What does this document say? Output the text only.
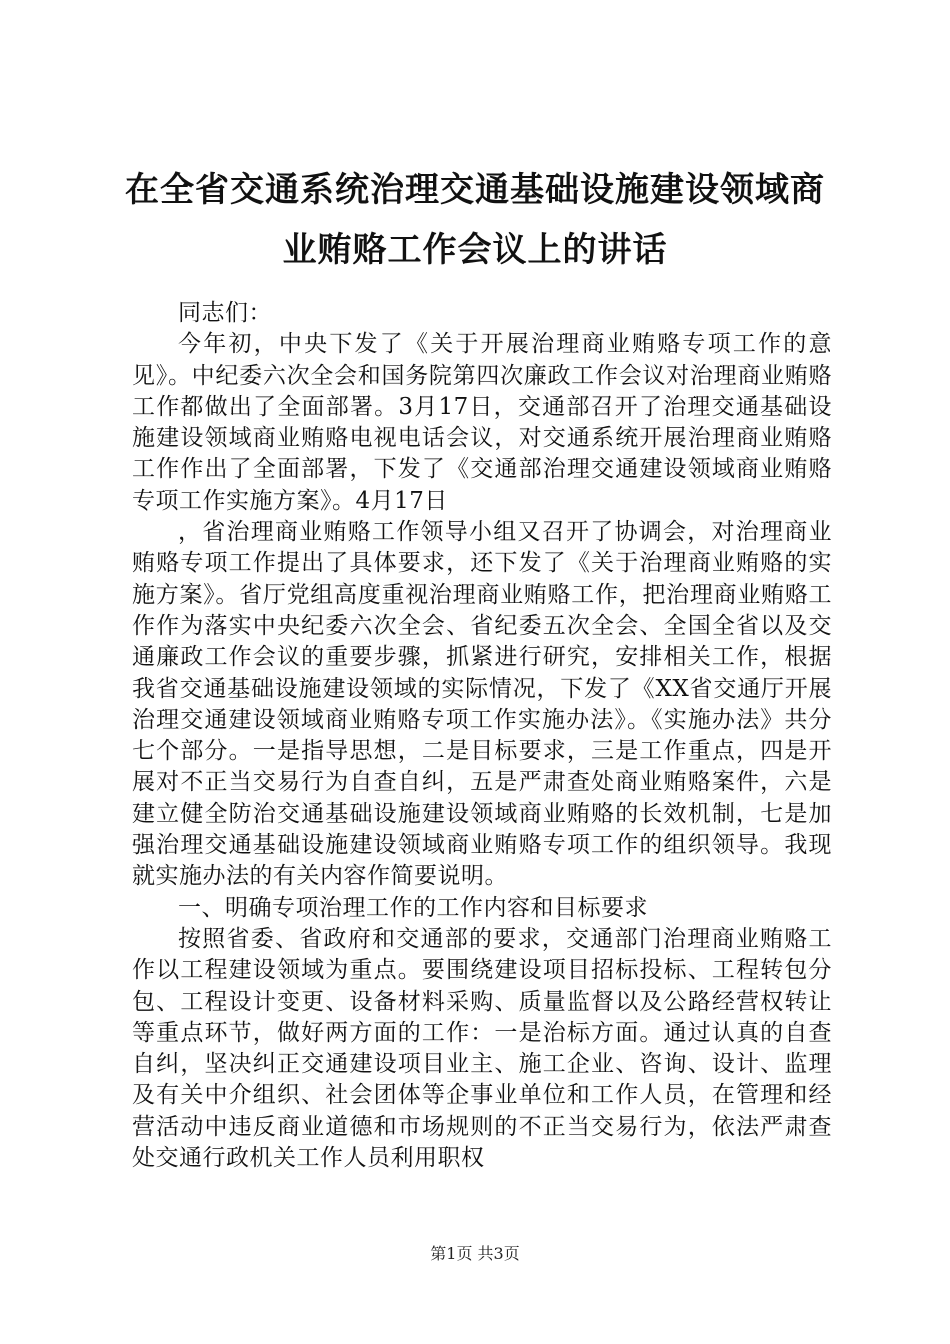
在全省交通系统治理交通基础设施建设领域商业贿赂工作会议上的讲话

同志们：

今年初，中央下发了《关于开展治理商业贿赂专项工作的意见》。中纪委六次全会和国务院第四次廉政工作会议对治理商业贿赂工作都做出了全面部署。3月17日，交通部召开了治理交通基础设施建设领域商业贿赂电视电话会议，对交通系统开展治理商业贿赂工作作出了全面部署，下发了《交通部治理交通建设领域商业贿赂专项工作实施方案》。4月17日

，省治理商业贿赂工作领导小组又召开了协调会，对治理商业贿赂专项工作提出了具体要求，还下发了《关于治理商业贿赂的实施方案》。省厅党组高度重视治理商业贿赂工作，把治理商业贿赂工作作为落实中央纪委六次全会、省纪委五次全会、全国全省以及交通廉政工作会议的重要步骤，抓紧进行研究，安排相关工作，根据我省交通基础设施建设领域的实际情况，下发了《XX省交通厅开展治理交通建设领域商业贿赂专项工作实施办法》。《实施办法》共分七个部分。一是指导思想，二是目标要求，三是工作重点，四是开展对不正当交易行为自查自纠，五是严肃查处商业贿赂案件，六是建立健全防治交通基础设施建设领域商业贿赂的长效机制，七是加强治理交通基础设施建设领域商业贿赂专项工作的组织领导。我现就实施办法的有关内容作简要说明。

一、明确专项治理工作的工作内容和目标要求

按照省委、省政府和交通部的要求，交通部门治理商业贿赂工作以工程建设领域为重点。要围绕建设项目招标投标、工程转包分包、工程设计变更、设备材料采购、质量监督以及公路经营权转让等重点环节，做好两方面的工作：一是治标方面。通过认真的自查自纠，坚决纠正交通建设项目业主、施工企业、咨询、设计、监理及有关中介组织、社会团体等企事业单位和工作人员，在管理和经营活动中违反商业道德和市场规则的不正当交易行为，依法严肃查处交通行政机关工作人员利用职权

第1页 共3页
